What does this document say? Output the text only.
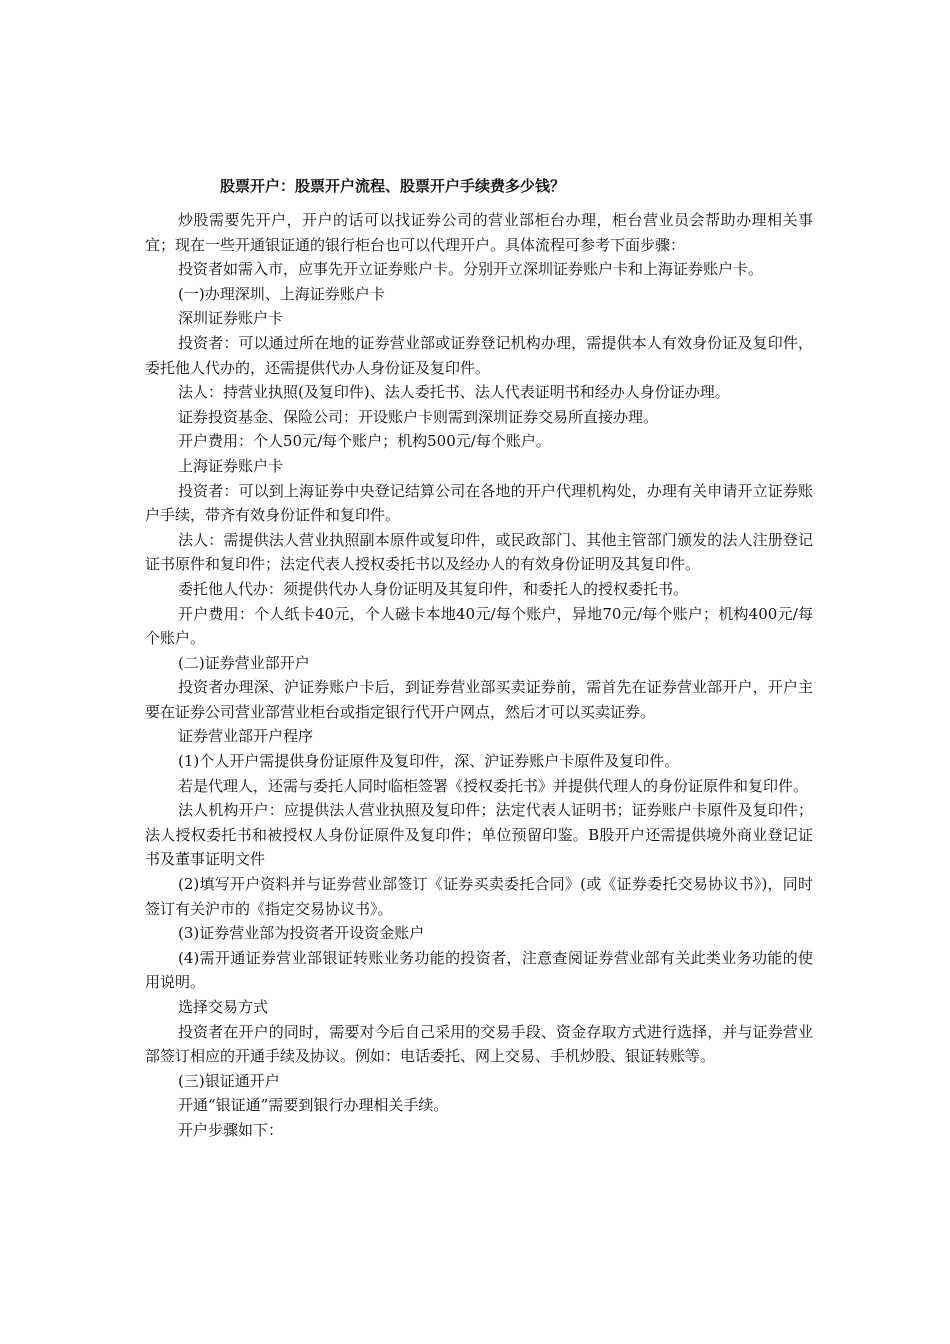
股票开户：股票开户流程、股票开户手续费多少钱？

炒股需要先开户，开户的话可以找证券公司的营业部柜台办理，柜台营业员会帮助办理相关事宜；现在一些开通银证通的银行柜台也可以代理开户。具体流程可参考下面步骤：

投资者如需入市，应事先开立证券账户卡。分别开立深圳证券账户卡和上海证券账户卡。

(一)办理深圳、上海证券账户卡

深圳证券账户卡

投资者：可以通过所在地的证券营业部或证券登记机构办理，需提供本人有效身份证及复印件，委托他人代办的，还需提供代办人身份证及复印件。

法人：持营业执照(及复印件)、法人委托书、法人代表证明书和经办人身份证办理。

证券投资基金、保险公司：开设账户卡则需到深圳证券交易所直接办理。

开户费用：个人50元/每个账户；机构500元/每个账户。

上海证券账户卡

投资者：可以到上海证券中央登记结算公司在各地的开户代理机构处，办理有关申请开立证券账户手续，带齐有效身份证件和复印件。

法人：需提供法人营业执照副本原件或复印件，或民政部门、其他主管部门颁发的法人注册登记证书原件和复印件；法定代表人授权委托书以及经办人的有效身份证明及其复印件。

委托他人代办：须提供代办人身份证明及其复印件，和委托人的授权委托书。

开户费用：个人纸卡40元，个人磁卡本地40元/每个账户，异地70元/每个账户；机构400元/每个账户。

(二)证券营业部开户

投资者办理深、沪证券账户卡后，到证券营业部买卖证券前，需首先在证券营业部开户，开户主要在证券公司营业部营业柜台或指定银行代开户网点，然后才可以买卖证券。

证券营业部开户程序

(1)个人开户需提供身份证原件及复印件，深、沪证券账户卡原件及复印件。

若是代理人，还需与委托人同时临柜签署《授权委托书》并提供代理人的身份证原件和复印件。

法人机构开户：应提供法人营业执照及复印件；法定代表人证明书；证券账户卡原件及复印件；法人授权委托书和被授权人身份证原件及复印件；单位预留印鉴。B股开户还需提供境外商业登记证书及董事证明文件

(2)填写开户资料并与证券营业部签订《证券买卖委托合同》(或《证券委托交易协议书》)，同时签订有关沪市的《指定交易协议书》。

(3)证券营业部为投资者开设资金账户

(4)需开通证券营业部银证转账业务功能的投资者，注意查阅证券营业部有关此类业务功能的使用说明。

选择交易方式

投资者在开户的同时，需要对今后自己采用的交易手段、资金存取方式进行选择，并与证券营业部签订相应的开通手续及协议。例如：电话委托、网上交易、手机炒股、银证转账等。

(三)银证通开户

开通“银证通”需要到银行办理相关手续。

开户步骤如下：
